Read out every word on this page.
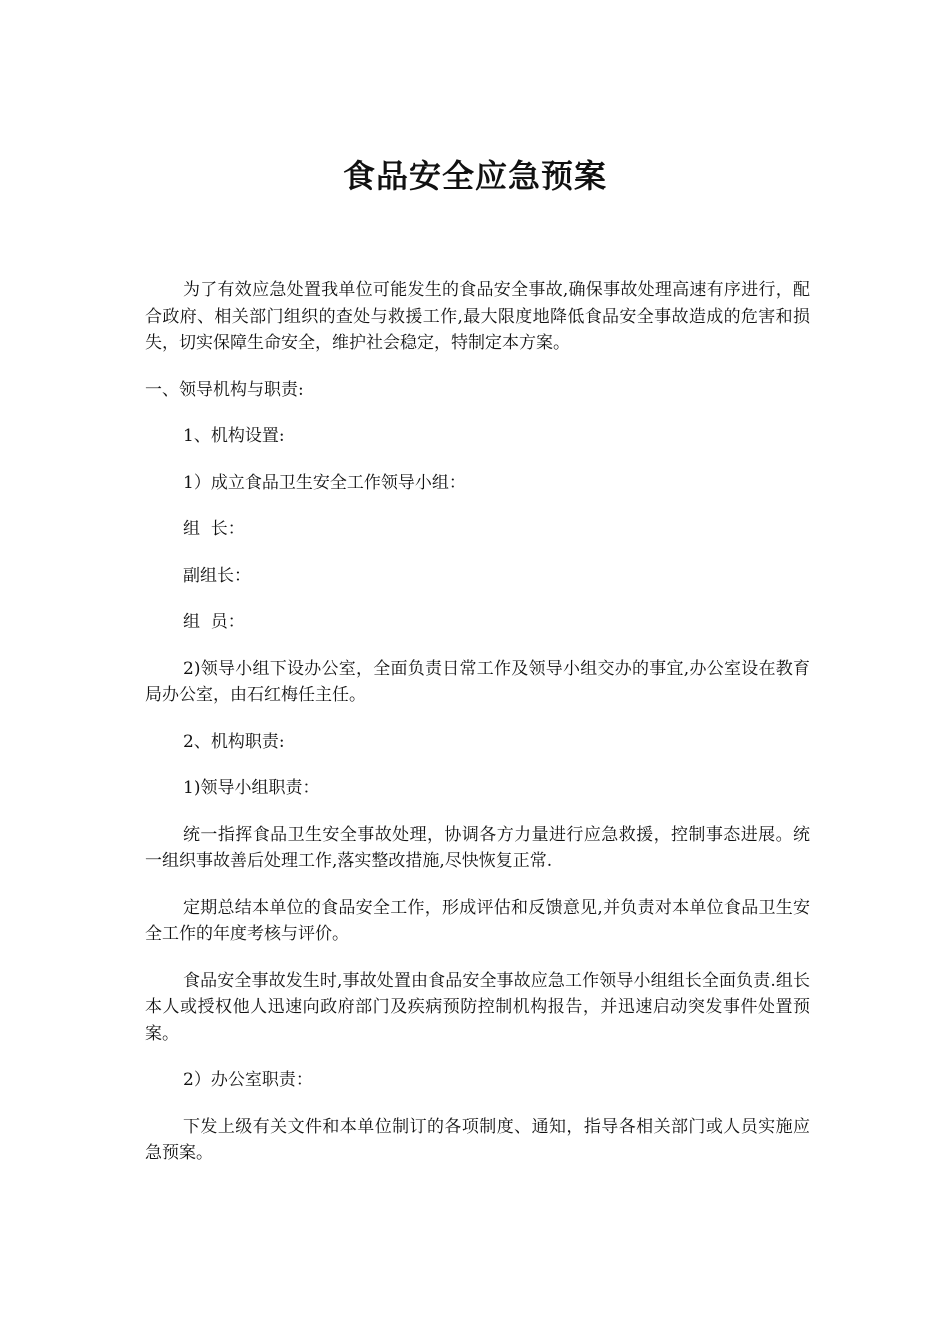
食品安全应急预案

为了有效应急处置我单位可能发生的食品安全事故,确保事故处理高速有序进行，配合政府、相关部门组织的查处与救援工作,最大限度地降低食品安全事故造成的危害和损失，切实保障生命安全，维护社会稳定，特制定本方案。

一、领导机构与职责:

1、机构设置:

1）成立食品卫生安全工作领导小组：

组  长：

副组长：

组  员：

2)领导小组下设办公室，全面负责日常工作及领导小组交办的事宜,办公室设在教育局办公室，由石红梅任主任。

2、机构职责:

1)领导小组职责：

统一指挥食品卫生安全事故处理，协调各方力量进行应急救援，控制事态进展。统一组织事故善后处理工作,落实整改措施,尽快恢复正常.

定期总结本单位的食品安全工作，形成评估和反馈意见,并负责对本单位食品卫生安全工作的年度考核与评价。

食品安全事故发生时,事故处置由食品安全事故应急工作领导小组组长全面负责.组长本人或授权他人迅速向政府部门及疾病预防控制机构报告，并迅速启动突发事件处置预案。

2）办公室职责：

下发上级有关文件和本单位制订的各项制度、通知，指导各相关部门或人员实施应急预案。
